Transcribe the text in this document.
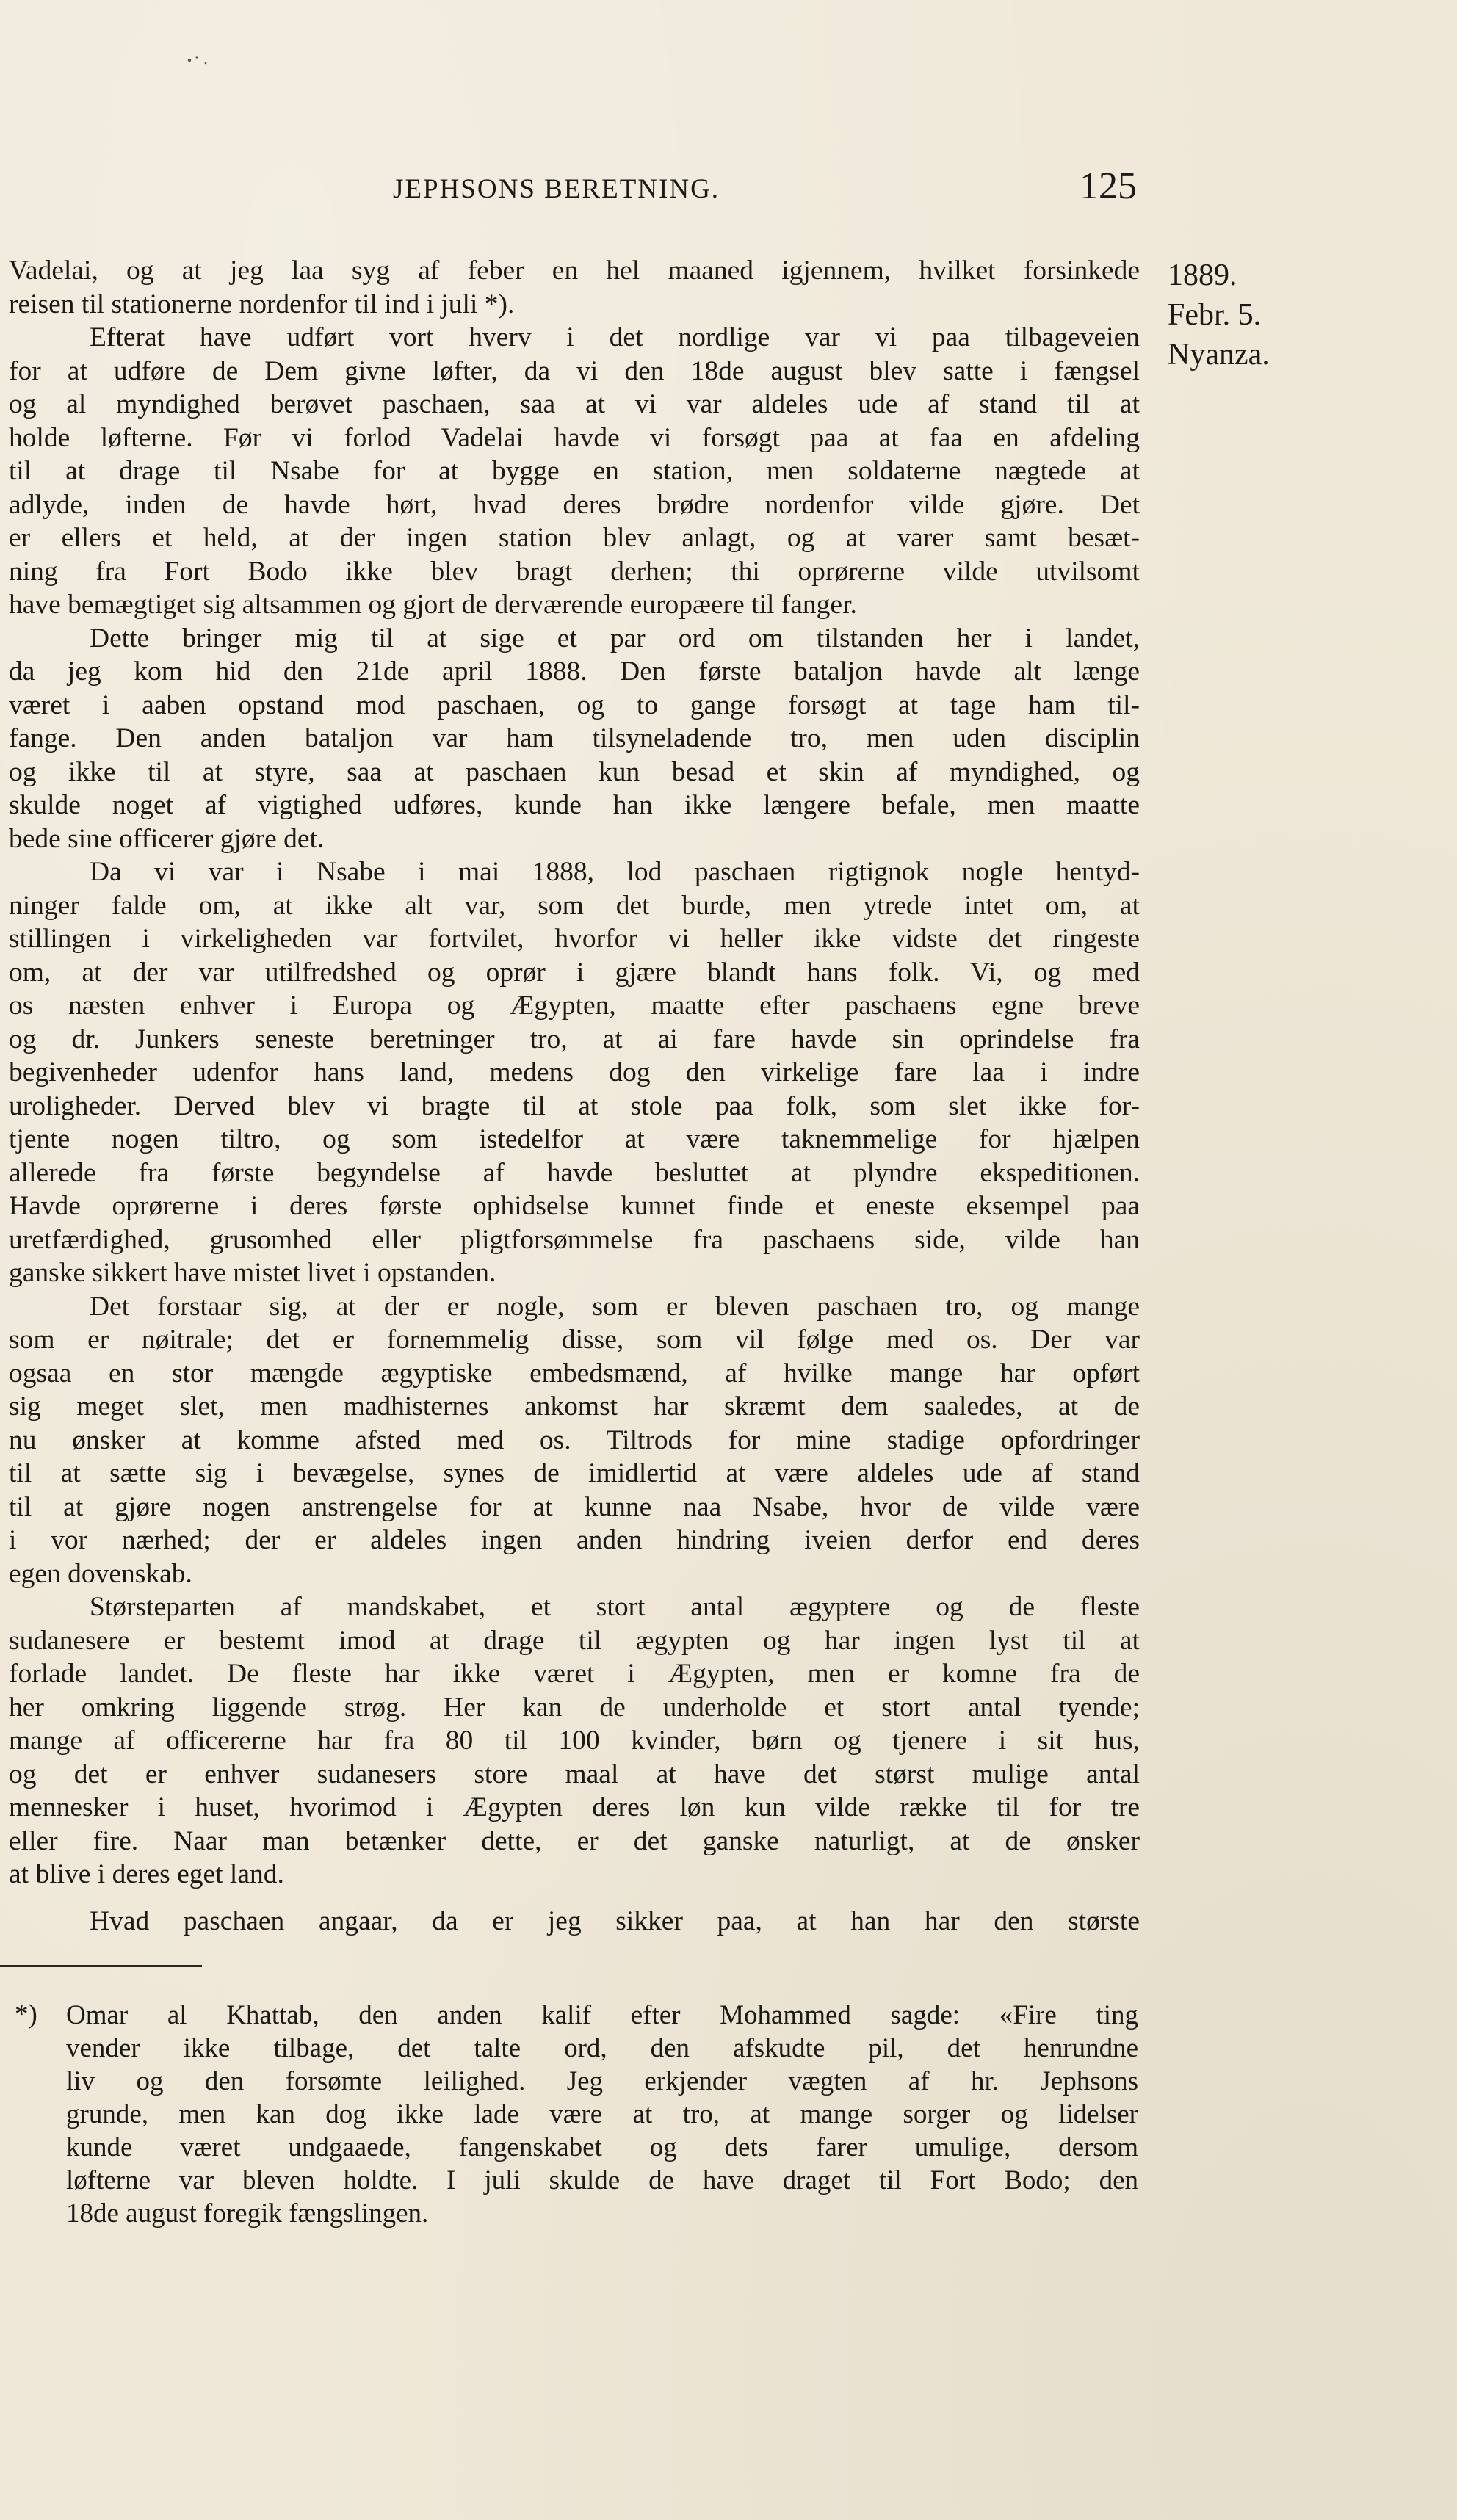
JEPHSONS BERETNING.	125
1889.
Febr. 5.
Nyanza.
Vadelai, og at jeg laa syg af feber en hel maaned igjennem, hvilket forsinkede
reisen til stationerne nordenfor til ind i juli *).
Efterat have udført vort hverv i det nordlige var vi paa tilbageveien
for at udføre de Dem givne løfter, da vi den 18de august blev satte i fængsel
og al myndighed berøvet paschaen, saa at vi var aldeles ude af stand til at
holde løfterne. Før vi forlod Vadelai havde vi forsøgt paa at faa en afdeling
til at drage til Nsabe for at bygge en station, men soldaterne nægtede at
adlyde, inden de havde hørt, hvad deres brødre nordenfor vilde gjøre. Det
er ellers et held, at der ingen station blev anlagt, og at varer samt besæt-
ning fra Fort Bodo ikke blev bragt derhen; thi oprørerne vilde utvilsomt
have bemægtiget sig altsammen og gjort de derværende europæere til fanger.
Dette bringer mig til at sige et par ord om tilstanden her i landet,
da jeg kom hid den 21de april 1888. Den første bataljon havde alt længe
været i aaben opstand mod paschaen, og to gange forsøgt at tage ham til-
fange. Den anden bataljon var ham tilsyneladende tro, men uden disciplin
og ikke til at styre, saa at paschaen kun besad et skin af myndighed, og
skulde noget af vigtighed udføres, kunde han ikke længere befale, men maatte
bede sine officerer gjøre det.
Da vi var i Nsabe i mai 1888, lod paschaen rigtignok nogle hentyd-
ninger falde om, at ikke alt var, som det burde, men ytrede intet om, at
stillingen i virkeligheden var fortvilet, hvorfor vi heller ikke vidste det ringeste
om, at der var utilfredshed og oprør i gjære blandt hans folk. Vi, og med
os næsten enhver i Europa og Ægypten, maatte efter paschaens egne breve
og dr. Junkers seneste beretninger tro, at ai fare havde sin oprindelse fra
begivenheder udenfor hans land, medens dog den virkelige fare laa i indre
uroligheder. Derved blev vi bragte til at stole paa folk, som slet ikke for-
tjente nogen tiltro, og som istedelfor at være taknemmelige for hjælpen
allerede fra første begyndelse af havde besluttet at plyndre ekspeditionen.
Havde oprørerne i deres første ophidselse kunnet finde et eneste eksempel paa
uretfærdighed, grusomhed eller pligtforsømmelse fra paschaens side, vilde han
ganske sikkert have mistet livet i opstanden.
Det forstaar sig, at der er nogle, som er bleven paschaen tro, og mange
som er nøitrale; det er fornemmelig disse, som vil følge med os. Der var
ogsaa en stor mængde ægyptiske embedsmænd, af hvilke mange har opført
sig meget slet, men madhisternes ankomst har skræmt dem saaledes, at de
nu ønsker at komme afsted med os. Tiltrods for mine stadige opfordringer
til at sætte sig i bevægelse, synes de imidlertid at være aldeles ude af stand
til at gjøre nogen anstrengelse for at kunne naa Nsabe, hvor de vilde være
i vor nærhed; der er aldeles ingen anden hindring iveien derfor end deres
egen dovenskab.
Størsteparten af mandskabet, et stort antal ægyptere og de fleste
sudanesere er bestemt imod at drage til ægypten og har ingen lyst til at
forlade landet. De fleste har ikke været i Ægypten, men er komne fra de
her omkring liggende strøg. Her kan de underholde et stort antal tyende;
mange af officererne har fra 80 til 100 kvinder, børn og tjenere i sit hus,
og det er enhver sudanesers store maal at have det størst mulige antal
mennesker i huset, hvorimod i Ægypten deres løn kun vilde række til for tre
eller fire. Naar man betænker dette, er det ganske naturligt, at de ønsker
at blive i deres eget land.
Hvad paschaen angaar, da er jeg sikker paa, at han har den største
*) Omar al Khattab, den anden kalif efter Mohammed sagde: «Fire ting
vender ikke tilbage, det talte ord, den afskudte pil, det henrundne
liv og den forsømte leilighed. Jeg erkjender vægten af hr. Jephsons
grunde, men kan dog ikke lade være at tro, at mange sorger og lidelser
kunde været undgaaede, fangenskabet og dets farer umulige, dersom
løfterne var bleven holdte. I juli skulde de have draget til Fort Bodo; den
18de august foregik fængslingen.
